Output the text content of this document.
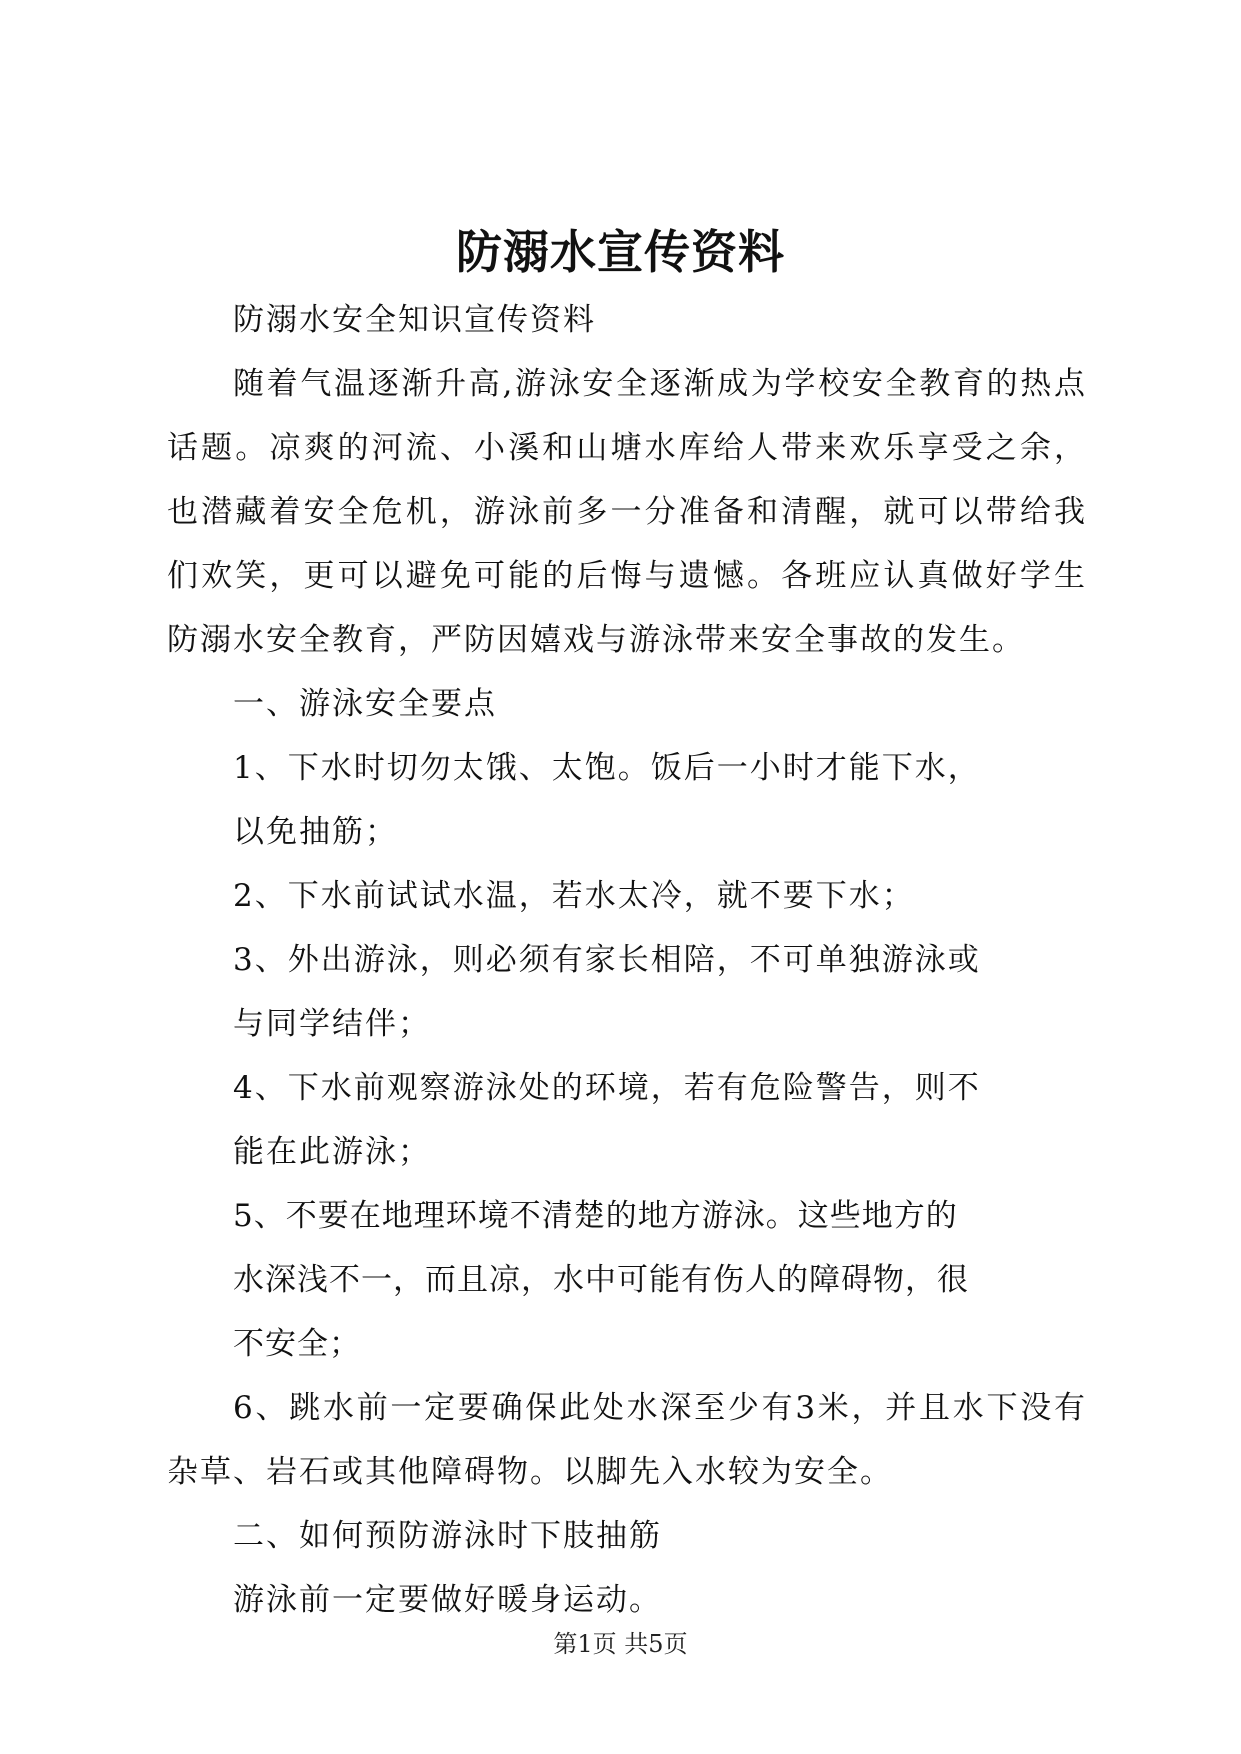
防溺水宣传资料

防溺水安全知识宣传资料

随着气温逐渐升高,游泳安全逐渐成为学校安全教育的热点话题。凉爽的河流、小溪和山塘水库给人带来欢乐享受之余，也潜藏着安全危机，游泳前多一分准备和清醒，就可以带给我们欢笑，更可以避免可能的后悔与遗憾。各班应认真做好学生防溺水安全教育，严防因嬉戏与游泳带来安全事故的发生。

一、游泳安全要点

1、下水时切勿太饿、太饱。饭后一小时才能下水，以免抽筋；

2、下水前试试水温，若水太冷，就不要下水；

3、外出游泳，则必须有家长相陪，不可单独游泳或与同学结伴；

4、下水前观察游泳处的环境，若有危险警告，则不能在此游泳；

5、不要在地理环境不清楚的地方游泳。这些地方的水深浅不一，而且凉，水中可能有伤人的障碍物，很不安全；

6、跳水前一定要确保此处水深至少有3米，并且水下没有杂草、岩石或其他障碍物。以脚先入水较为安全。

二、如何预防游泳时下肢抽筋

游泳前一定要做好暖身运动。

第1页 共5页
